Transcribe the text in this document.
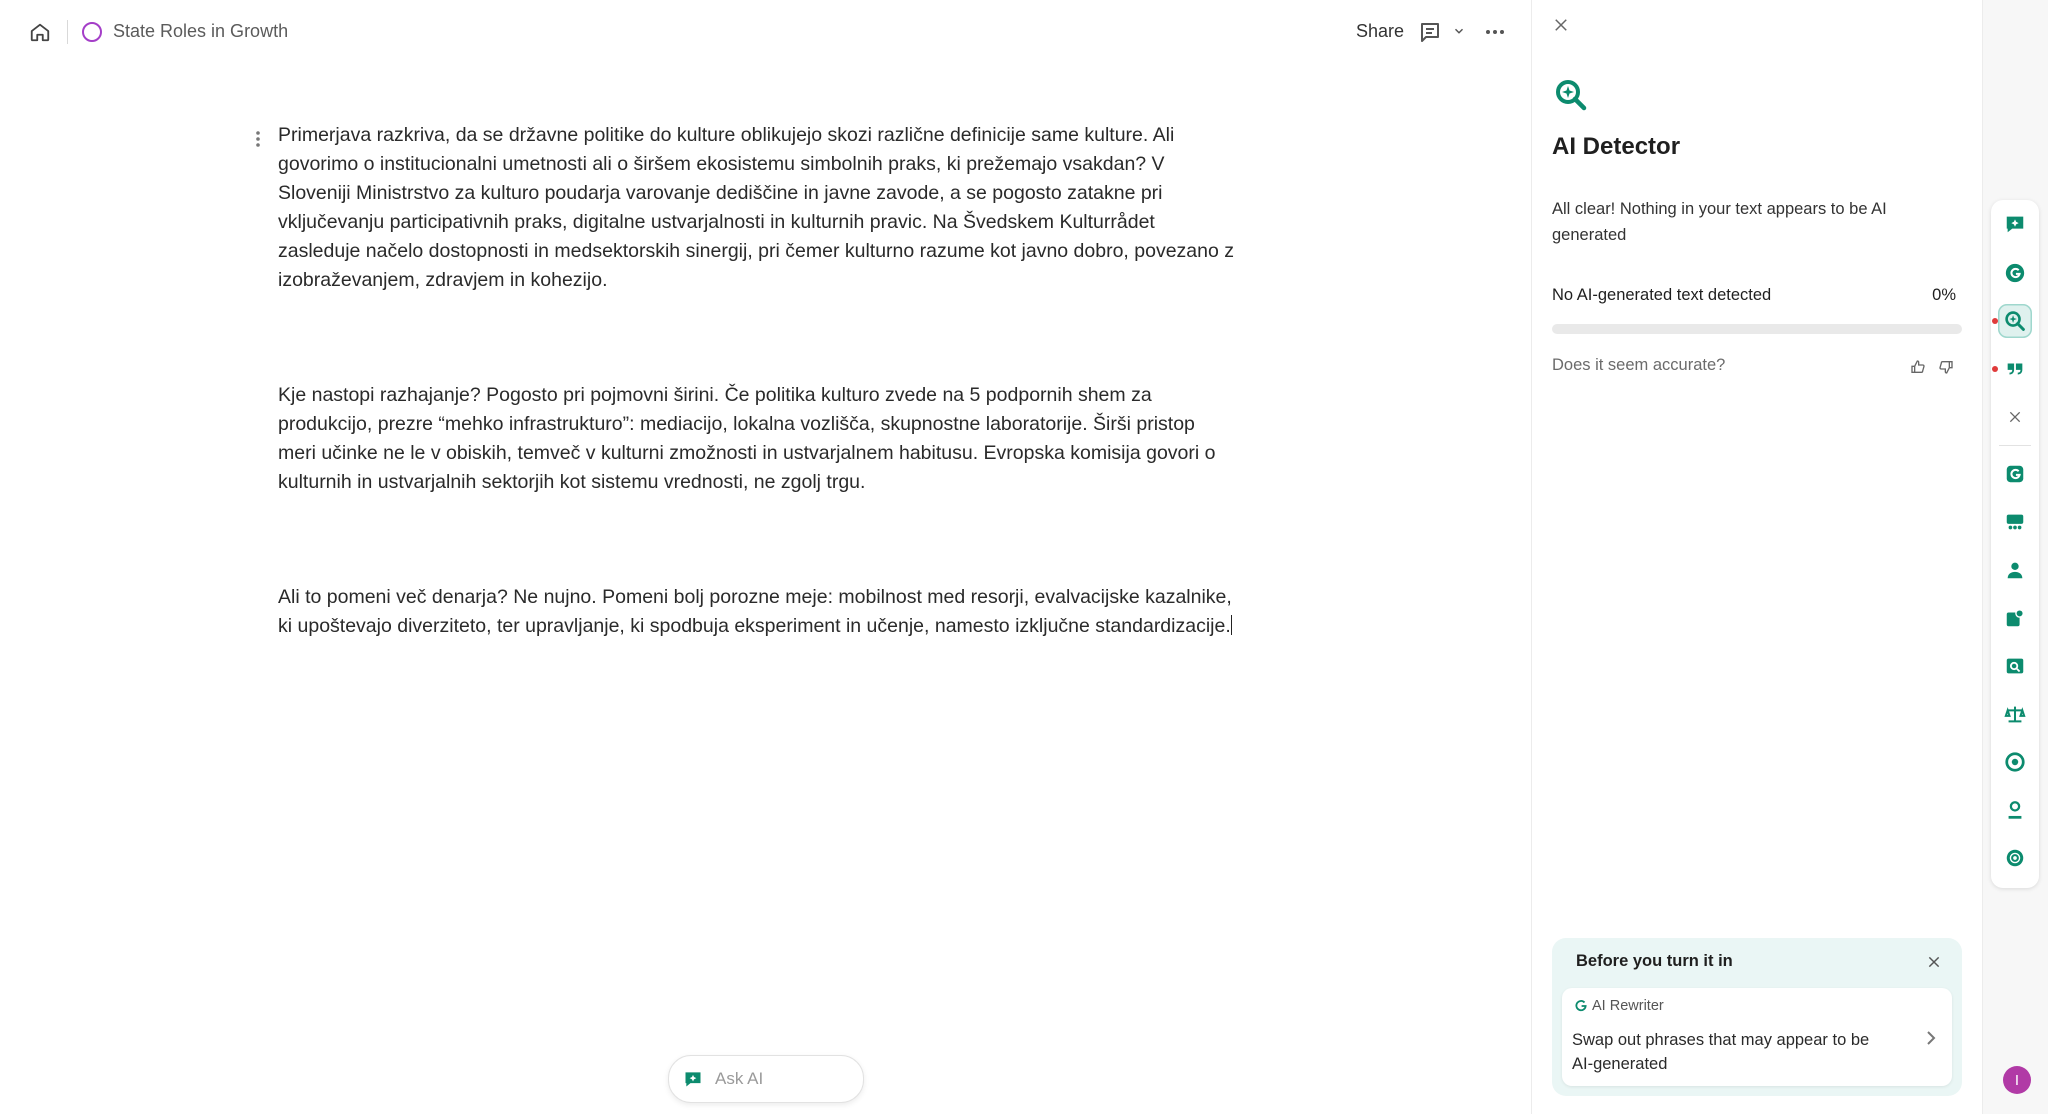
State Roles in Growth	Share

Primerjava razkriva, da se državne politike do kulture oblikujejo skozi različne definicije same kulture. Ali govorimo o institucionalni umetnosti ali o širšem ekosistemu simbolnih praks, ki prežemajo vsakdan? V Sloveniji Ministrstvo za kulturo poudarja varovanje dediščine in javne zavode, a se pogosto zatakne pri vključevanju participativnih praks, digitalne ustvarjalnosti in kulturnih pravic. Na Švedskem Kulturrådet zasleduje načelo dostopnosti in medsektorskih sinergij, pri čemer kulturno razume kot javno dobro, povezano z izobraževanjem, zdravjem in kohezijo.

Kje nastopi razhajanje? Pogosto pri pojmovni širini. Če politika kulturo zvede na 5 podpornih shem za produkcijo, prezre “mehko infrastrukturo”: mediacijo, lokalna vozlišča, skupnostne laboratorije. Širši pristop meri učinke ne le v obiskih, temveč v kulturni zmožnosti in ustvarjalnem habitusu. Evropska komisija govori o kulturnih in ustvarjalnih sektorjih kot sistemu vrednosti, ne zgolj trgu.

Ali to pomeni več denarja? Ne nujno. Pomeni bolj porozne meje: mobilnost med resorji, evalvacijske kazalnike, ki upoštevajo diverziteto, ter upravljanje, ki spodbuja eksperiment in učenje, namesto izključne standardizacije.

Ask AI
AI Detector
All clear! Nothing in your text appears to be AI generated
No AI-generated text detected	0%
Does it seem accurate?
Before you turn it in
AI Rewriter
Swap out phrases that may appear to be AI-generated
I
